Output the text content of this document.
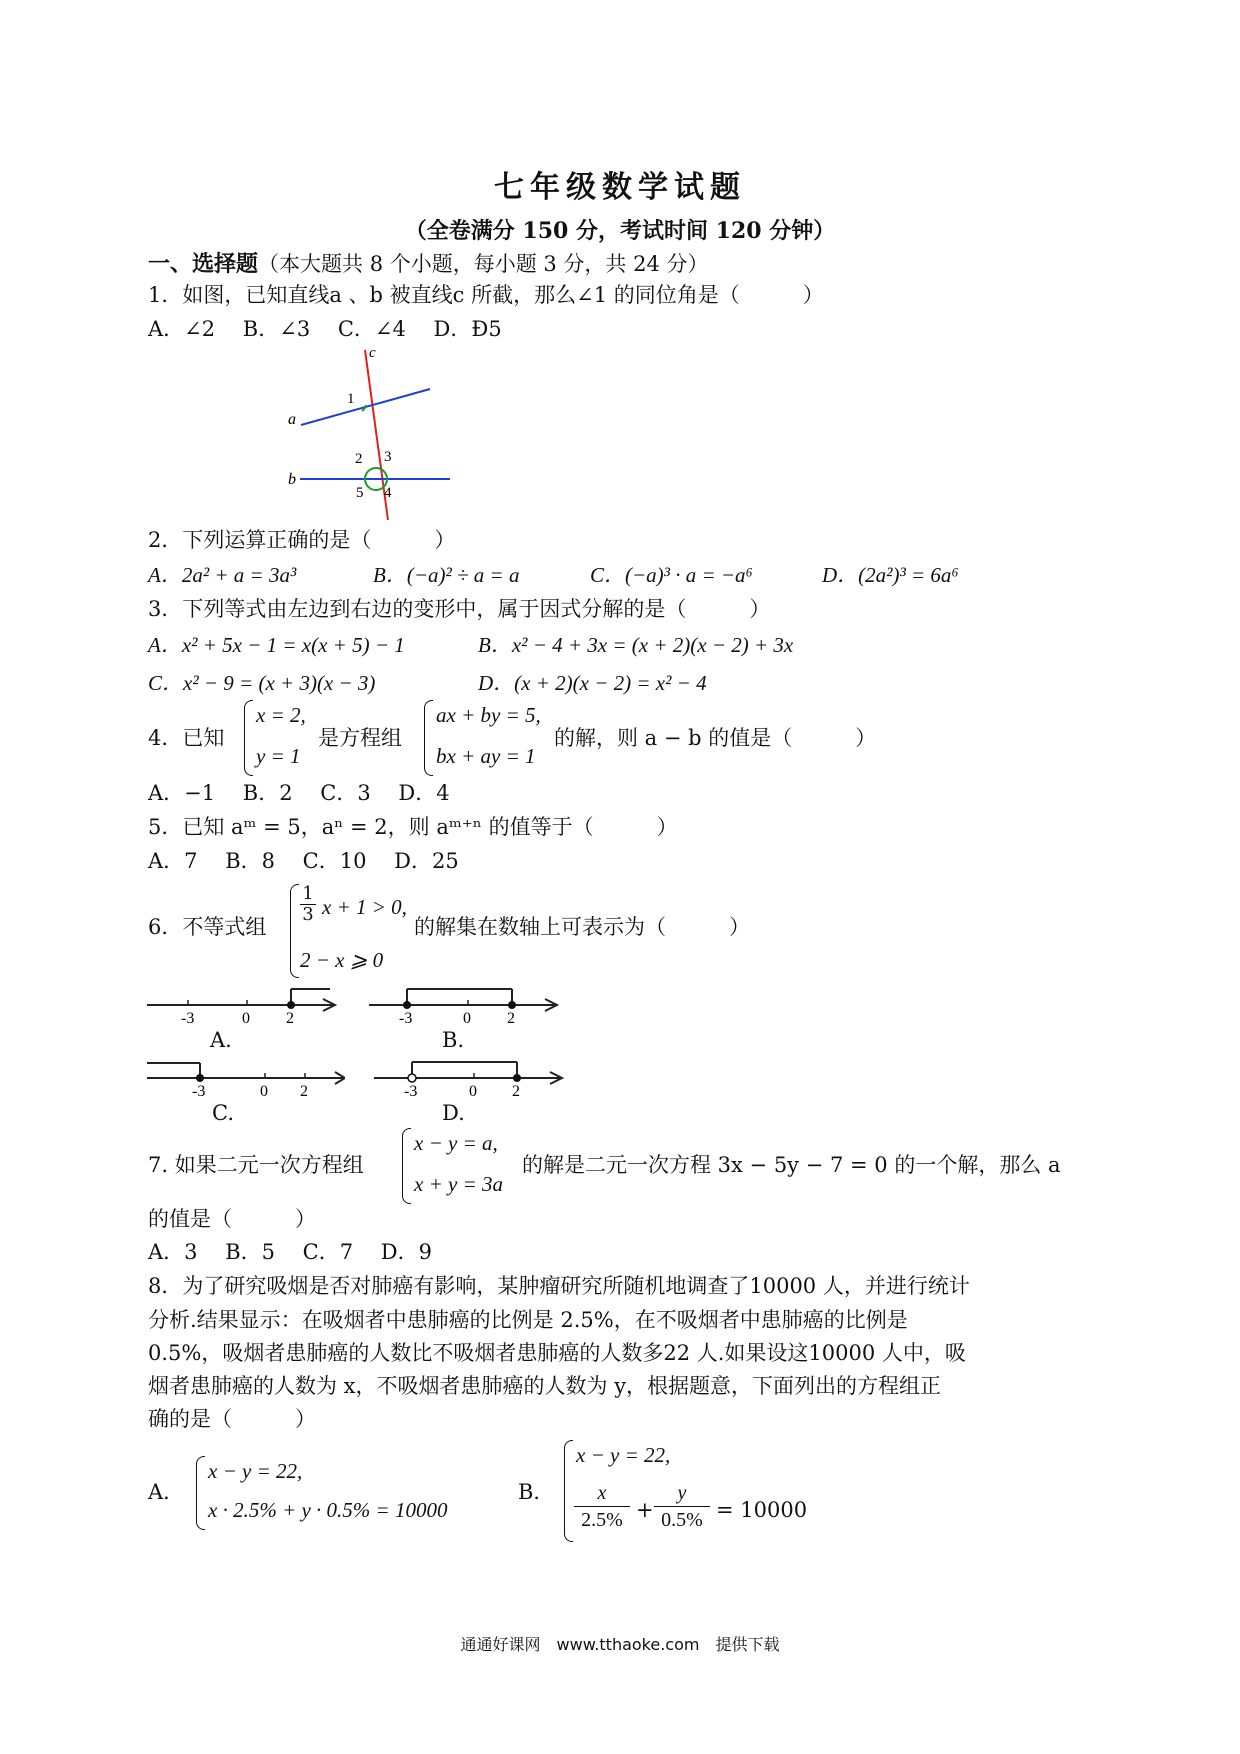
七年级数学试题
（全卷满分 150 分，考试时间 120 分钟）
一、选择题（本大题共 8 个小题，每小题 3 分，共 24 分）
1．如图，已知直线a 、b 被直线c 所截，那么∠1 的同位角是（　　　）
A．∠2　 B．∠3　 C．∠4　 D．Ð5
c
a
b
1
2 3
5 4
2．下列运算正确的是（　　　）
A．2a² + a = 3a³	B．(−a)² ÷ a = a	C．(−a)³ · a = −a⁶	D．(2a²)³ = 6a⁶
3．下列等式由左边到右边的变形中，属于因式分解的是（　　　）
A．x² + 5x − 1 = x(x + 5) − 1	B．x² − 4 + 3x = (x + 2)(x − 2) + 3x
C．x² − 9 = (x + 3)(x − 3)	D．(x + 2)(x − 2) = x² − 4
4．已知
x = 2,
y = 1
是方程组
ax + by = 5,
bx + ay = 1
的解，则 a − b 的值是（　　　）
A．−1　 B．2　 C．3　 D．4
5．已知 aᵐ = 5，aⁿ = 2，则 aᵐ⁺ⁿ 的值等于（　　　）
A．7　 B．8　 C．10　 D．25
6．不等式组
$\frac{1}{3}$ x + 1 > 0,
2 − x ⩾ 0
的解集在数轴上可表示为（　　　）
-3	0 2
A.
-3	0 2
B.
-3	0 2
C.
-3	0 2
D.
7. 如果二元一次方程组
x − y = a,
x + y = 3a
的解是二元一次方程 3x − 5y − 7 = 0 的一个解，那么 a
的值是（　　　）
A．3　 B．5　 C．7　 D．9
8．为了研究吸烟是否对肺癌有影响，某肿瘤研究所随机地调查了10000 人，并进行统计
分析.结果显示：在吸烟者中患肺癌的比例是 2.5%，在不吸烟者中患肺癌的比例是
0.5%，吸烟者患肺癌的人数比不吸烟者患肺癌的人数多22 人.如果设这10000 人中，吸
烟者患肺癌的人数为 x，不吸烟者患肺癌的人数为 y，根据题意，下面列出的方程组正
确的是（　　　）
A．
x − y = 22,
x · 2.5% + y · 0.5% = 10000
B．
x − y = 22,
$\frac{x}{2.5\%} + \frac{y}{0.5\%} = 10000$
通通好课网　www.tthaoke.com　提供下载
